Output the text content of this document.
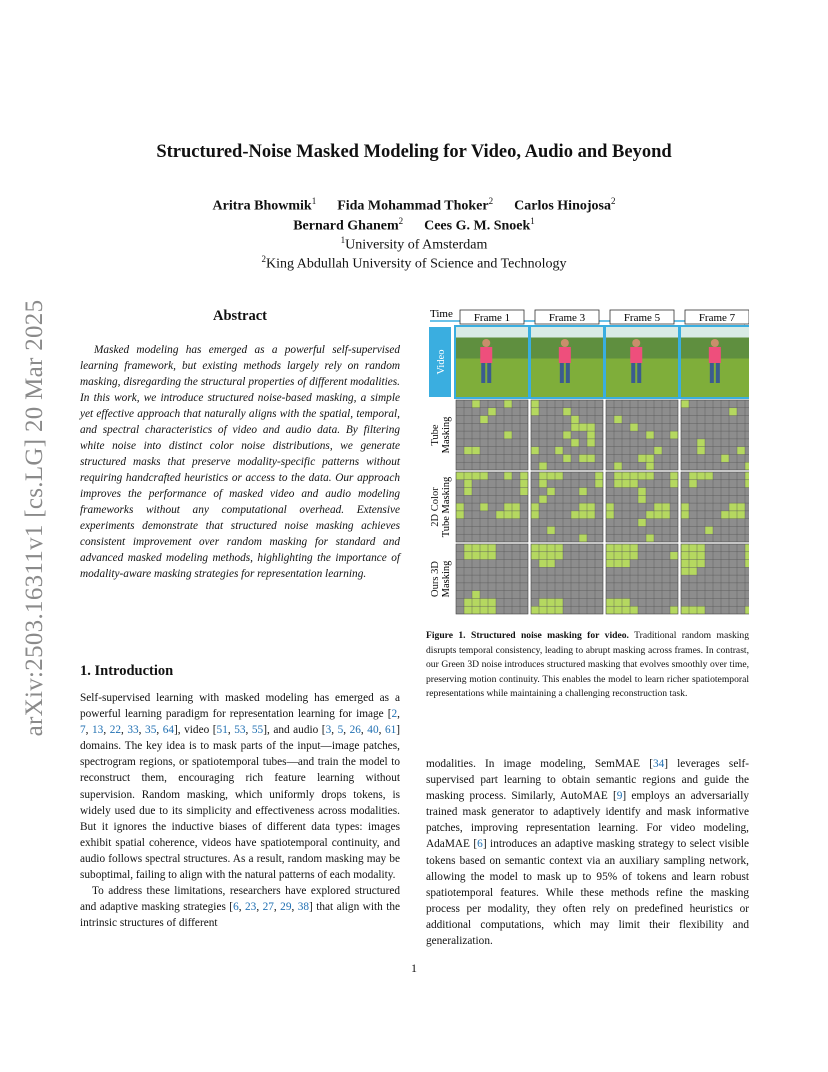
arXiv:2503.16311v1 [cs.LG] 20 Mar 2025
Structured-Noise Masked Modeling for Video, Audio and Beyond
Aritra Bhowmik$^1$   Fida Mohammad Thoker$^2$   Carlos Hinojosa$^2$
Bernard Ghanem$^2$   Cees G. M. Snoek$^1$
$^1$University of Amsterdam
$^2$King Abdullah University of Science and Technology
Abstract
Masked modeling has emerged as a powerful self-supervised learning framework, but existing methods largely rely on random masking, disregarding the structural properties of different modalities. In this work, we introduce structured noise-based masking, a simple yet effective approach that naturally aligns with the spatial, temporal, and spectral characteristics of video and audio data. By filtering white noise into distinct color noise distributions, we generate structured masks that preserve modality-specific patterns without requiring handcrafted heuristics or access to the data. Our approach improves the performance of masked video and audio modeling frameworks without any computational overhead. Extensive experiments demonstrate that structured noise masking achieves consistent improvement over random masking for standard and advanced masked modeling methods, highlighting the importance of modality-aware masking strategies for representation learning.
1. Introduction

Self-supervised learning with masked modeling has emerged as a powerful learning paradigm for representation learning for image [2, 7, 13, 22, 33, 35, 64], video [51, 53, 55], and audio [3, 5, 26, 40, 61] domains. The key idea is to mask parts of the input—image patches, spectrogram regions, or spatiotemporal tubes—and train the model to reconstruct them, encouraging rich feature learning without supervision. Random masking, which uniformly drops tokens, is widely used due to its simplicity and effectiveness across modalities. But it ignores the inductive biases of different data types: images exhibit spatial coherence, videos have spatiotemporal continuity, and audio follows spectral structures. As a result, random masking may be suboptimal, failing to align with the natural patterns of each modality.

To address these limitations, researchers have explored structured and adaptive masking strategies [6, 23, 27, 29, 38] that align with the intrinsic structures of different

modalities. In image modeling, SemMAE [34] leverages self-supervised part learning to obtain semantic regions and guide the masking process. Similarly, AutoMAE [9] employs an adversarially trained mask generator to adaptively identify and mask informative patches, improving representation learning. For video modeling, AdaMAE [6] introduces an adaptive masking strategy to select visible tokens based on semantic context via an auxiliary sampling network, allowing the model to mask up to 95% of tokens and learn robust spatiotemporal features. While these methods refine the masking process per modality, they often rely on predefined heuristics or additional computations, which may limit their flexibility and generalization.

Time Frame 1	Frame 3	Frame 5	Frame 7
Video
Tube Masking
2D Color Tube Masking
Ours 3D Masking
Figure 1. Structured noise masking for video. Traditional random masking disrupts temporal consistency, leading to abrupt masking across frames. In contrast, our Green 3D noise introduces structured masking that evolves smoothly over time, preserving motion continuity. This enables the model to learn richer spatiotemporal representations while maintaining a challenging reconstruction task.
1
